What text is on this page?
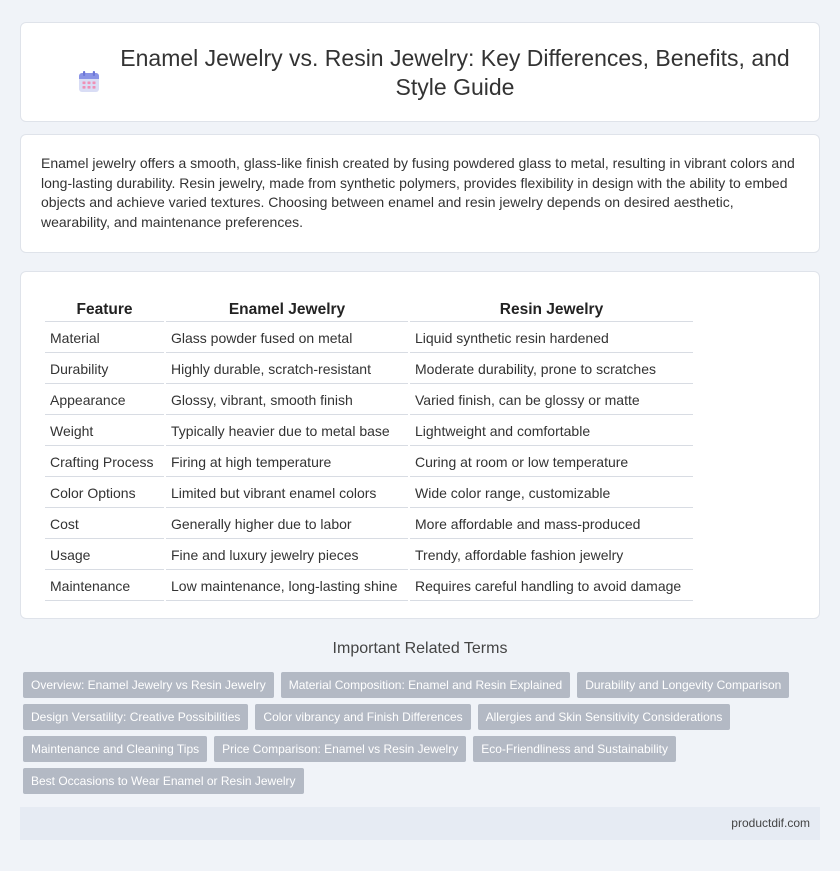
Enamel Jewelry vs. Resin Jewelry: Key Differences, Benefits, and Style Guide

Enamel jewelry offers a smooth, glass-like finish created by fusing powdered glass to metal, resulting in vibrant colors and long-lasting durability. Resin jewelry, made from synthetic polymers, provides flexibility in design with the ability to embed objects and achieve varied textures. Choosing between enamel and resin jewelry depends on desired aesthetic, wearability, and maintenance preferences.

Feature	Enamel Jewelry	Resin Jewelry
Material	Glass powder fused on metal	Liquid synthetic resin hardened
Durability	Highly durable, scratch-resistant	Moderate durability, prone to scratches
Appearance	Glossy, vibrant, smooth finish	Varied finish, can be glossy or matte
Weight	Typically heavier due to metal base	Lightweight and comfortable
Crafting Process	Firing at high temperature	Curing at room or low temperature
Color Options	Limited but vibrant enamel colors	Wide color range, customizable
Cost	Generally higher due to labor	More affordable and mass-produced
Usage	Fine and luxury jewelry pieces	Trendy, affordable fashion jewelry
Maintenance	Low maintenance, long-lasting shine	Requires careful handling to avoid damage
Important Related Terms
Overview: Enamel Jewelry vs Resin Jewelry	Material Composition: Enamel and Resin Explained	Durability and Longevity Comparison
Design Versatility: Creative Possibilities	Color vibrancy and Finish Differences	Allergies and Skin Sensitivity Considerations
Maintenance and Cleaning Tips	Price Comparison: Enamel vs Resin Jewelry	Eco-Friendliness and Sustainability
Best Occasions to Wear Enamel or Resin Jewelry
productdif.com
